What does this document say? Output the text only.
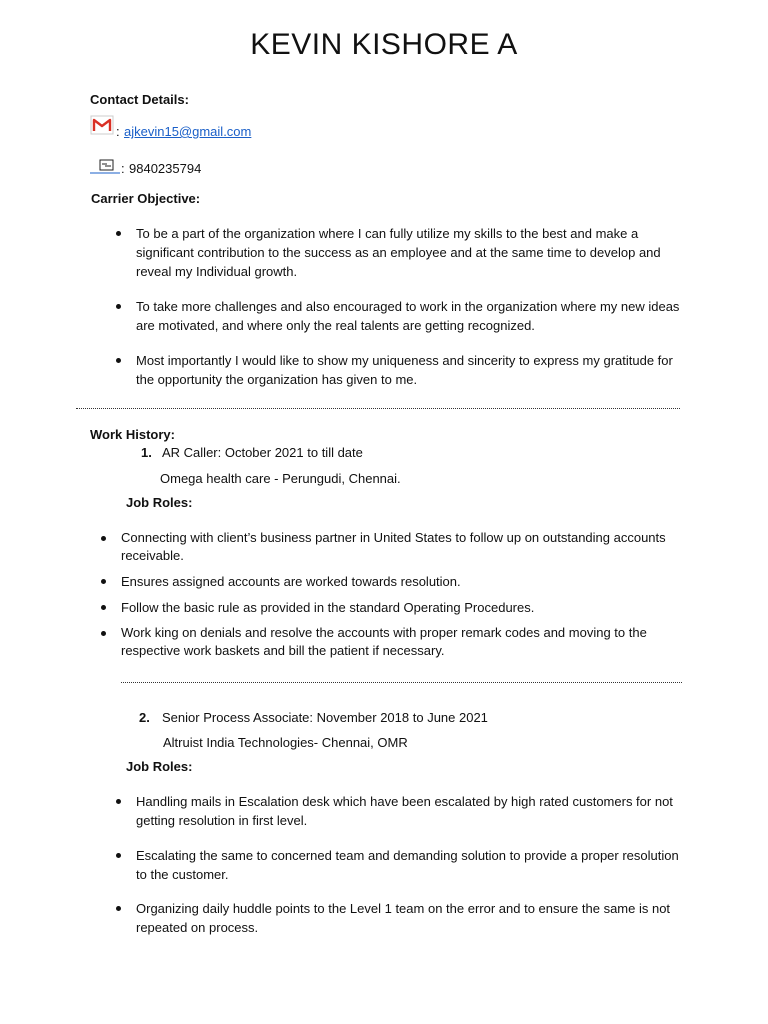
KEVIN KISHORE A
Contact Details:
: ajkevin15@gmail.com
: 9840235794
Carrier Objective:
To be a part of the organization where I can fully utilize my skills to the best and make a
significant contribution to the success as an employee and at the same time to develop and
reveal my Individual growth.
To take more challenges and also encouraged to work in the organization where my new ideas
are motivated, and where only the real talents are getting recognized.
Most importantly I would like to show my uniqueness and sincerity to express my gratitude for
the opportunity the organization has given to me.
Work History:
1. AR Caller: October 2021 to till date
Omega health care - Perungudi, Chennai.
Job Roles:
Connecting with client’s business partner in United States to follow up on outstanding accounts
receivable.
Ensures assigned accounts are worked towards resolution.
Follow the basic rule as provided in the standard Operating Procedures.
Work king on denials and resolve the accounts with proper remark codes and moving to the
respective work baskets and bill the patient if necessary.
2. Senior Process Associate: November 2018 to June 2021
Altruist India Technologies- Chennai, OMR
Job Roles:
Handling mails in Escalation desk which have been escalated by high rated customers for not
getting resolution in first level.
Escalating the same to concerned team and demanding solution to provide a proper resolution
to the customer.
Organizing daily huddle points to the Level 1 team on the error and to ensure the same is not
repeated on process.
